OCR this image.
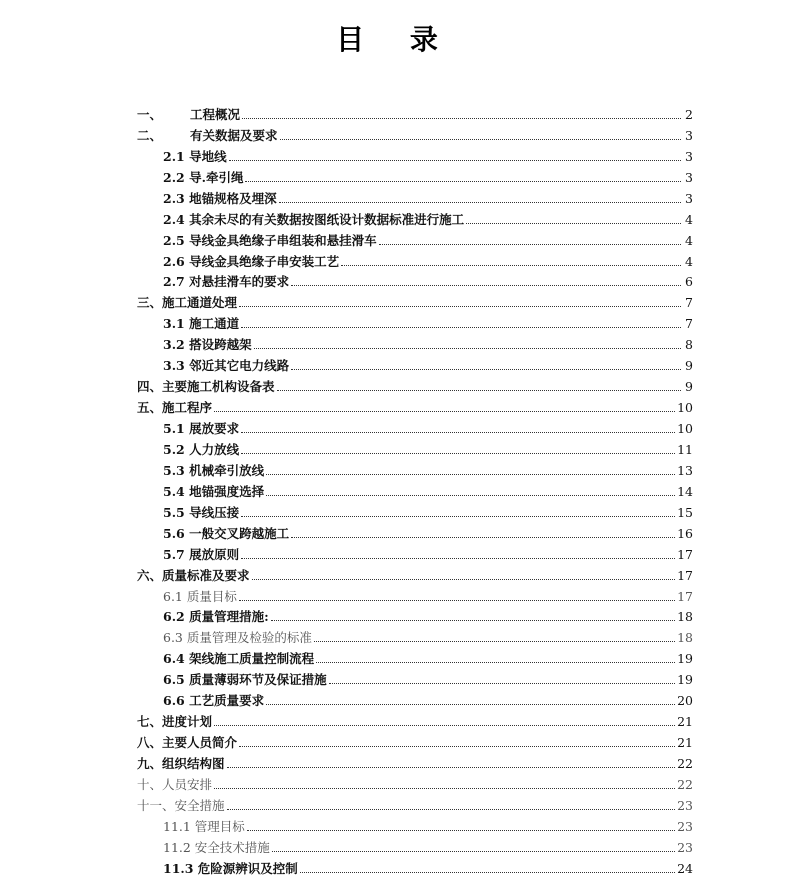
目 录
一、 工程概况	2
二、 有关数据及要求	3
2.1 导地线	3
2.2 导.牵引绳	3
2.3 地锚规格及埋深	3
2.4 其余未尽的有关数据按图纸设计数据标准进行施工	4
2.5 导线金具绝缘子串组装和悬挂滑车	4
2.6 导线金具绝缘子串安装工艺	4
2.7 对悬挂滑车的要求	6
三、施工通道处理	7
3.1 施工通道	7
3.2 搭设跨越架	8
3.3 邻近其它电力线路	9
四、主要施工机构设备表	9
五、施工程序	10
5.1 展放要求	10
5.2 人力放线	11
5.3 机械牵引放线	13
5.4 地锚强度选择	14
5.5 导线压接	15
5.6 一般交叉跨越施工	16
5.7 展放原则	17
六、质量标准及要求	17
6.1 质量目标	17
6.2 质量管理措施:	18
6.3 质量管理及检验的标准	18
6.4 架线施工质量控制流程	19
6.5 质量薄弱环节及保证措施	19
6.6 工艺质量要求	20
七、进度计划	21
八、主要人员简介	21
九、组织结构图	22
十、人员安排	22
十一、安全措施	23
11.1 管理目标	23
11.2 安全技术措施	23
11.3 危险源辨识及控制	24
